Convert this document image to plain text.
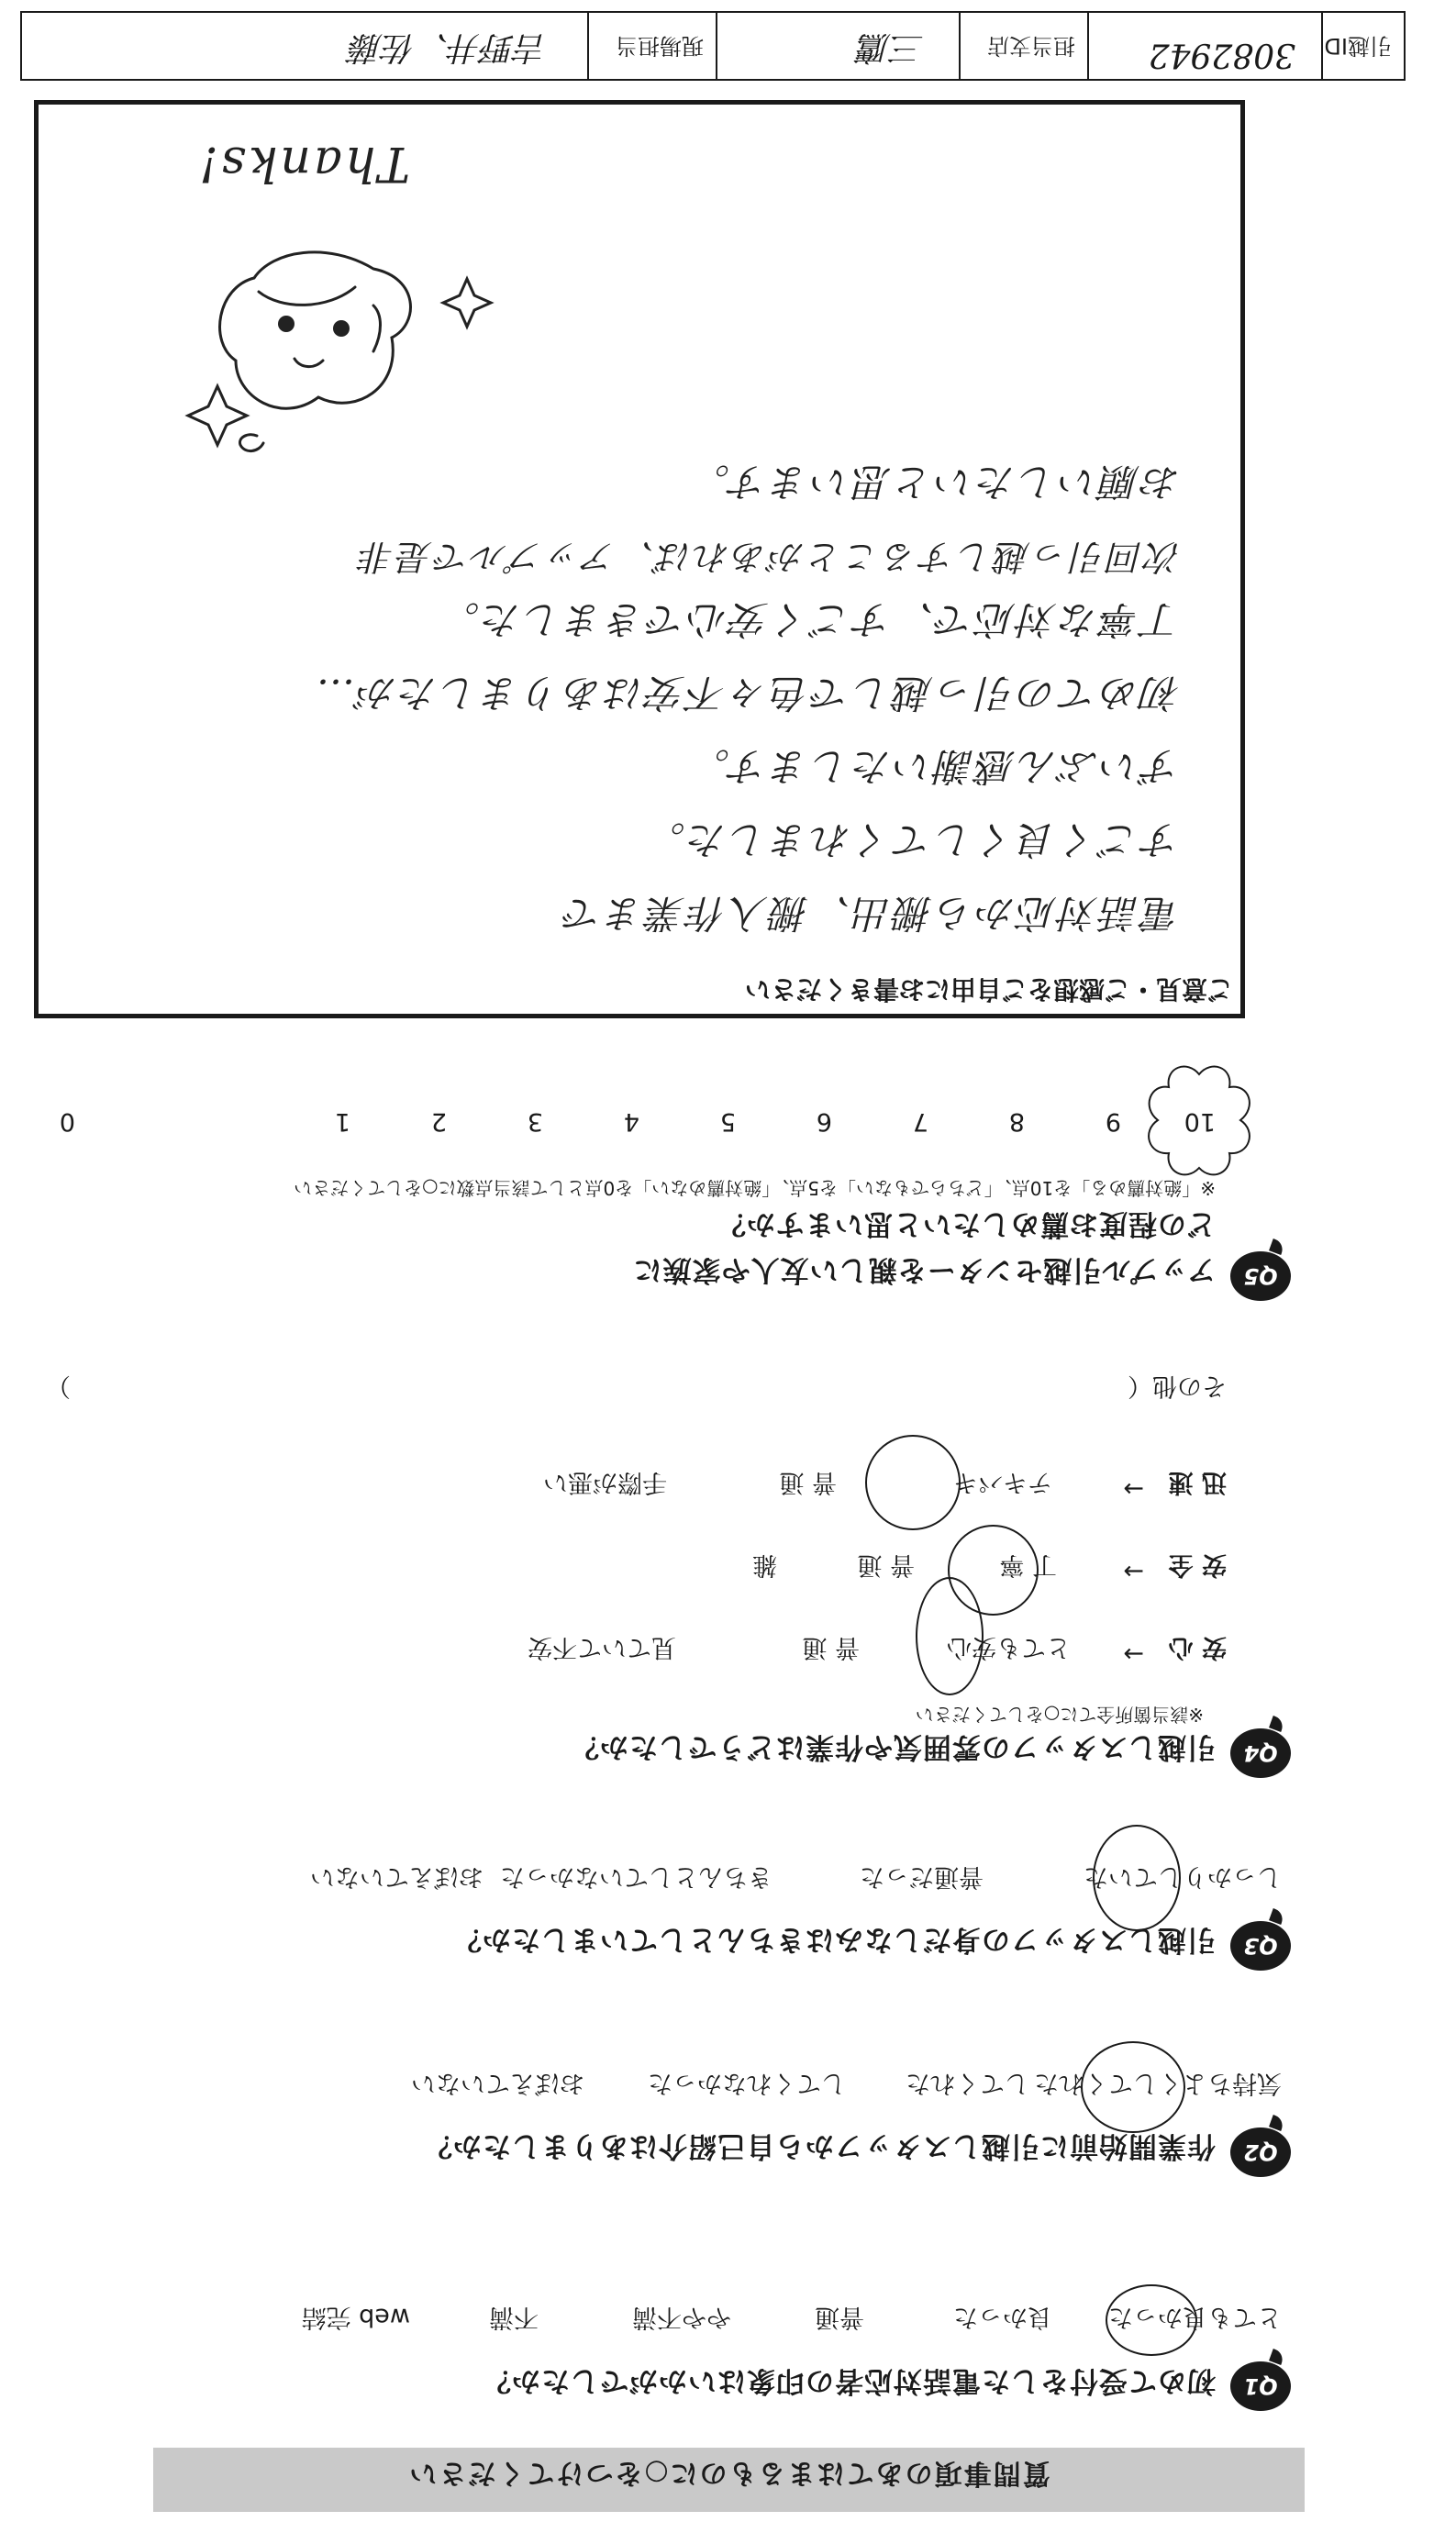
質問事項のあてはまるものに○をつけてください
Q1
初めて受付をした電話対応者の印象はいかがでしたか？
とても良かった
良かった
普通
やや不満
不満
web 完結
Q2
作業開始前に引越しスタッフから自己紹介はありましたか？
気持ちよくしてくれた
してくれた
してくれなかった
おぼえていない
Q3
引越しスタッフの身だしなみはきちんとしていましたか？
しっかりしていた
普通だった
きちんとしていなかった
おぼえていない
Q4
引越しスタッフの雰囲気や作業はどうでしたか？
※該当箇所全てに○をしてください
安 心
→
とても安心
普 通
見ていて不安
安 全
→
丁 寧
普 通
雑
迅 速
→
テキパキ
普 通
手際が悪い
その他（
）
Q5
アップル引越センターを親しい友人や家族に
どの程度お薦めしたいと思いますか？
※「絶対薦める」を10点、「どちらでもない」を5点、「絶対薦めない」を0点として該当点数に○をしてください
10
9
8
7
6
5
4
3
2
1
0
ご意見・ご感想をご自由にお書きください
電話対応から搬出、搬入作業まで
すごく良くしてくれました。
ずいぶん感謝いたします。
初めての引っ越しで色々不安はありましたが…
丁寧な対応で、すごく安心できました。
次回引っ越しすることがあれば、アップルで是非
お願いしたいと思います。
Thanks!
引越ID
3082942
担当支店
三鷹
現場担当
吉野井、佐藤
